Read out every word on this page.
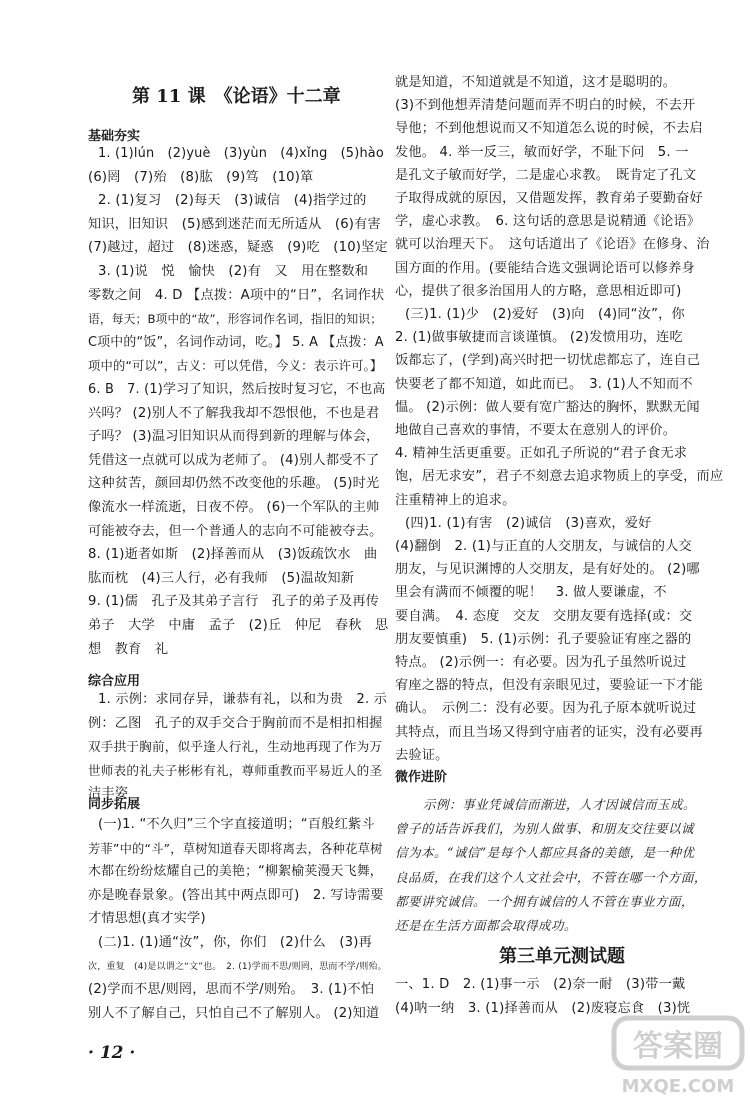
第 11 课　《论语》十二章
基础夯实
1. (1)lún　(2)yuè　(3)yùn　(4)xǐng　(5)hào
(6)罔　(7)殆　(8)肱　(9)笃　(10)箪
2. (1)复习　(2)每天　(3)诚信　(4)指学过的
知识，旧知识　(5)感到迷茫而无所适从　(6)有害
(7)越过，超过　(8)迷惑，疑惑　(9)吃　(10)坚定
3. (1)说　悦　愉快　(2)有　又　用在整数和
零数之间　4. D 【点拨：A项中的“日”，名词作状
语，每天；B项中的“故”，形容词作名词，指旧的知识；
C项中的“饭”，名词作动词，吃。】 5. A 【点拨：A
项中的“可以”，古义：可以凭借，今义：表示许可。】
6. B　7. (1)学习了知识，然后按时复习它，不也高
兴吗？ (2)别人不了解我我却不怨恨他，不也是君
子吗？ (3)温习旧知识从而得到新的理解与体会，
凭借这一点就可以成为老师了。 (4)别人都受不了
这种贫苦，颜回却仍然不改变他的乐趣。 (5)时光
像流水一样流逝，日夜不停。 (6)一个军队的主帅
可能被夺去，但一个普通人的志向不可能被夺去。
8. (1)逝者如斯　(2)择善而从　(3)饭疏饮水　曲
肱而枕　(4)三人行，必有我师　(5)温故知新
9. (1)儒　孔子及其弟子言行　孔子的弟子及再传
弟子　大学　中庸　孟子　(2)丘　仲尼　春秋　思
想　教育　礼
综合应用
1. 示例：求同存异，谦恭有礼，以和为贵　2. 示
例：乙图　孔子的双手交合于胸前而不是相扣相握
双手拱于胸前，似乎逢人行礼，生动地再现了作为万
世师表的礼夫子彬彬有礼，尊师重教而平易近人的圣
洁丰姿
同步拓展
(一)1. “不久归”三个字直接道明；“百般红紫斗
芳菲”中的“斗”，草树知道春天即将离去，各种花草树
木都在纷纷炫耀自己的美艳；“柳絮榆荚漫天飞舞，
亦是晚春景象。(答出其中两点即可)　2. 写诗需要
才情思想(真才实学)
(二)1. (1)通“汝”，你，你们　(2)什么　(3)再
次，重复　(4)是以谓之“文”也。　2. (1)学而不思/则罔，思而不学/则殆。
(2)学而不思/则罔，思而不学/则殆。　3. (1)不怕
别人不了解自己，只怕自己不了解别人。 (2)知道
· 12 ·
就是知道，不知道就是不知道，这才是聪明的。
(3)不到他想弄清楚问题而弄不明白的时候，不去开
导他；不到他想说而又不知道怎么说的时候，不去启
发他。 4. 举一反三，敏而好学，不耻下问　5. 一
是孔文子敏而好学，二是虚心求教。　既肯定了孔文
子取得成就的原因，又借题发挥，教育弟子要勤奋好
学，虚心求教。　6. 这句话的意思是说精通《论语》
就可以治理天下。　这句话道出了《论语》在修身、治
国方面的作用。(要能结合选文强调论语可以修养身
心，提供了很多治国用人的方略，意思相近即可)
(三)1. (1)少　(2)爱好　(3)向　(4)同“汝”，你
2. (1)做事敏捷而言谈谨慎。 (2)发愤用功，连吃
饭都忘了，(学到)高兴时把一切忧虑都忘了，连自己
快要老了都不知道，如此而已。　3. (1)人不知而不
愠。 (2)示例：做人要有宽广豁达的胸怀，默默无闻
地做自己喜欢的事情，不要太在意别人的评价。
4. 精神生活更重要。正如孔子所说的“君子食无求
饱，居无求安”，君子不刻意去追求物质上的享受，而应
注重精神上的追求。
(四)1. (1)有害　(2)诚信　(3)喜欢，爱好
(4)翻倒　2. (1)与正直的人交朋友，与诚信的人交
朋友，与见识渊博的人交朋友，是有好处的。 (2)哪
里会有满而不倾覆的呢！　3. 做人要谦虚，不
要自满。　4. 态度　交友　交朋友要有选择(或：交
朋友要慎重)　5. (1)示例：孔子要验证宥座之器的
特点。 (2)示例一：有必要。因为孔子虽然听说过
宥座之器的特点，但没有亲眼见过，要验证一下才能
确认。　示例二：没有必要。因为孔子原本就听说过
其特点，而且当场又得到守庙者的证实，没有必要再
去验证。
微作进阶
示例：事业凭诚信而渐进，人才因诚信而玉成。
曾子的话告诉我们，为别人做事、和朋友交往要以诚
信为本。“诚信”是每个人都应具备的美德，是一种优
良品质，在我们这个人文社会中，不管在哪一个方面，
都要讲究诚信。一个拥有诚信的人不管在事业方面，
还是在生活方面都会取得成功。
第三单元测试题
一、1. D　2. (1)事一示　(2)奈一耐　(3)带一戴
(4)呐一纳　3. (1)择善而从　(2)废寝忘食　(3)恍
答案圈
MXQE.COM
